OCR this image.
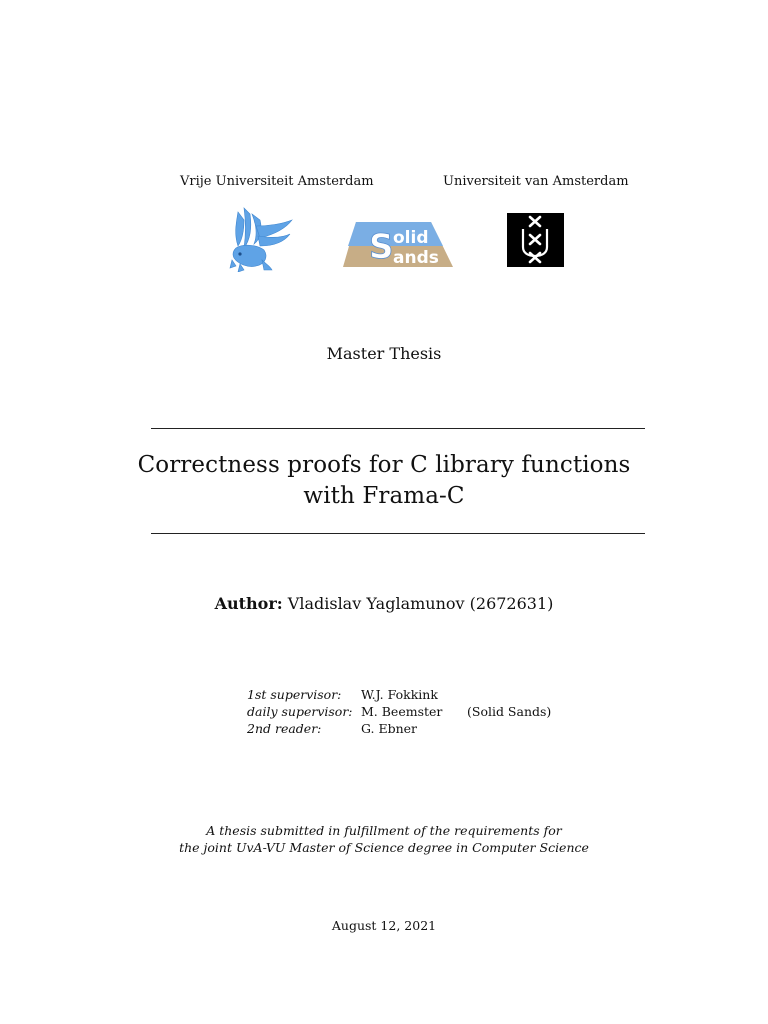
Vrije Universiteit Amsterdam	Universiteit van Amsterdam
S olid
ands
Master Thesis
Correctness proofs for C library functions
with Frama-C
Author: Vladislav Yaglamunov (2672631)
1st supervisor: W.J. Fokkink
daily supervisor: M. Beemster (Solid Sands)
2nd reader:	G. Ebner
A thesis submitted in fulfillment of the requirements for
the joint UvA-VU Master of Science degree in Computer Science
August 12, 2021
